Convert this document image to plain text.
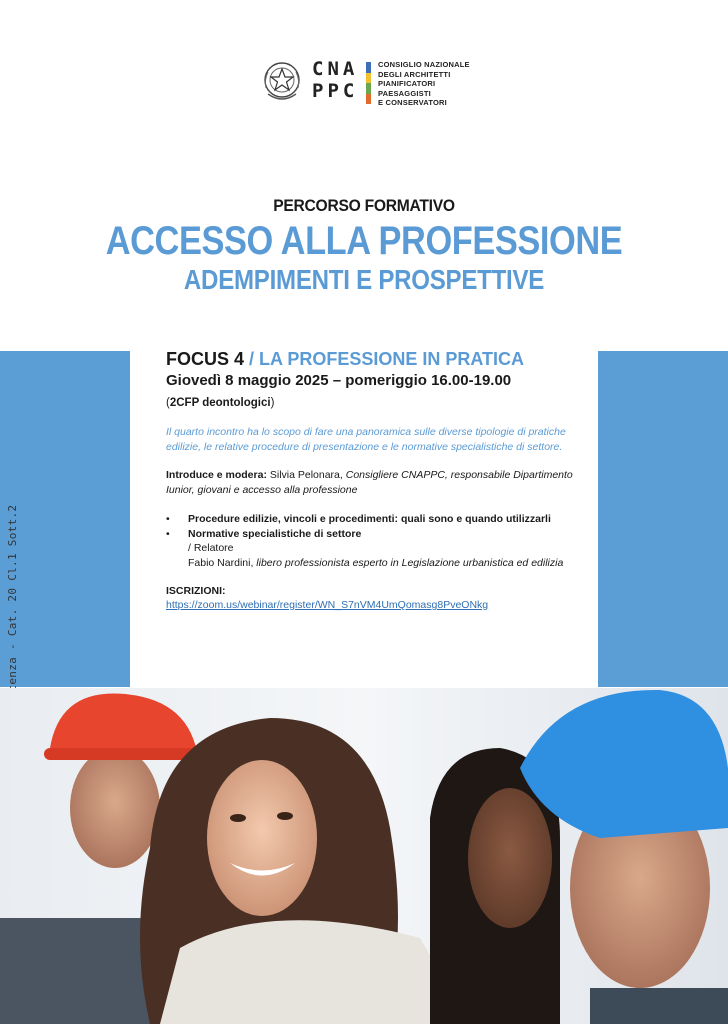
CNA
PPC
CONSIGLIO NAZIONALE
DEGLI ARCHITETTI
PIANIFICATORI
PAESAGGISTI
E CONSERVATORI
PERCORSO FORMATIVO
ACCESSO ALLA PROFESSIONE
ADEMPIMENTI E PROSPETTIVE
FOCUS 4 / LA PROFESSIONE IN PRATICA
Giovedì 8 maggio 2025 – pomeriggio 16.00-19.00
(2CFP deontologici)
Il quarto incontro ha lo scopo di fare una panoramica sulle diverse tipologie di pratiche edilizie, le relative procedure di presentazione e le normative specialistiche di settore.
Introduce e modera: Silvia Pelonara, Consigliere CNAPPC, responsabile Dipartimento Iunior, giovani e accesso alla professione
•	Procedure edilizie, vincoli e procedimenti: quali sono e quando utilizzarli
•	Normative specialistiche di settore
/ Relatore
Fabio Nardini, libero professionista esperto in Legislazione urbanistica ed edilizia
ISCRIZIONI:
https://zoom.us/webinar/register/WN_S7nVM4UmQomasg8PveONkg
